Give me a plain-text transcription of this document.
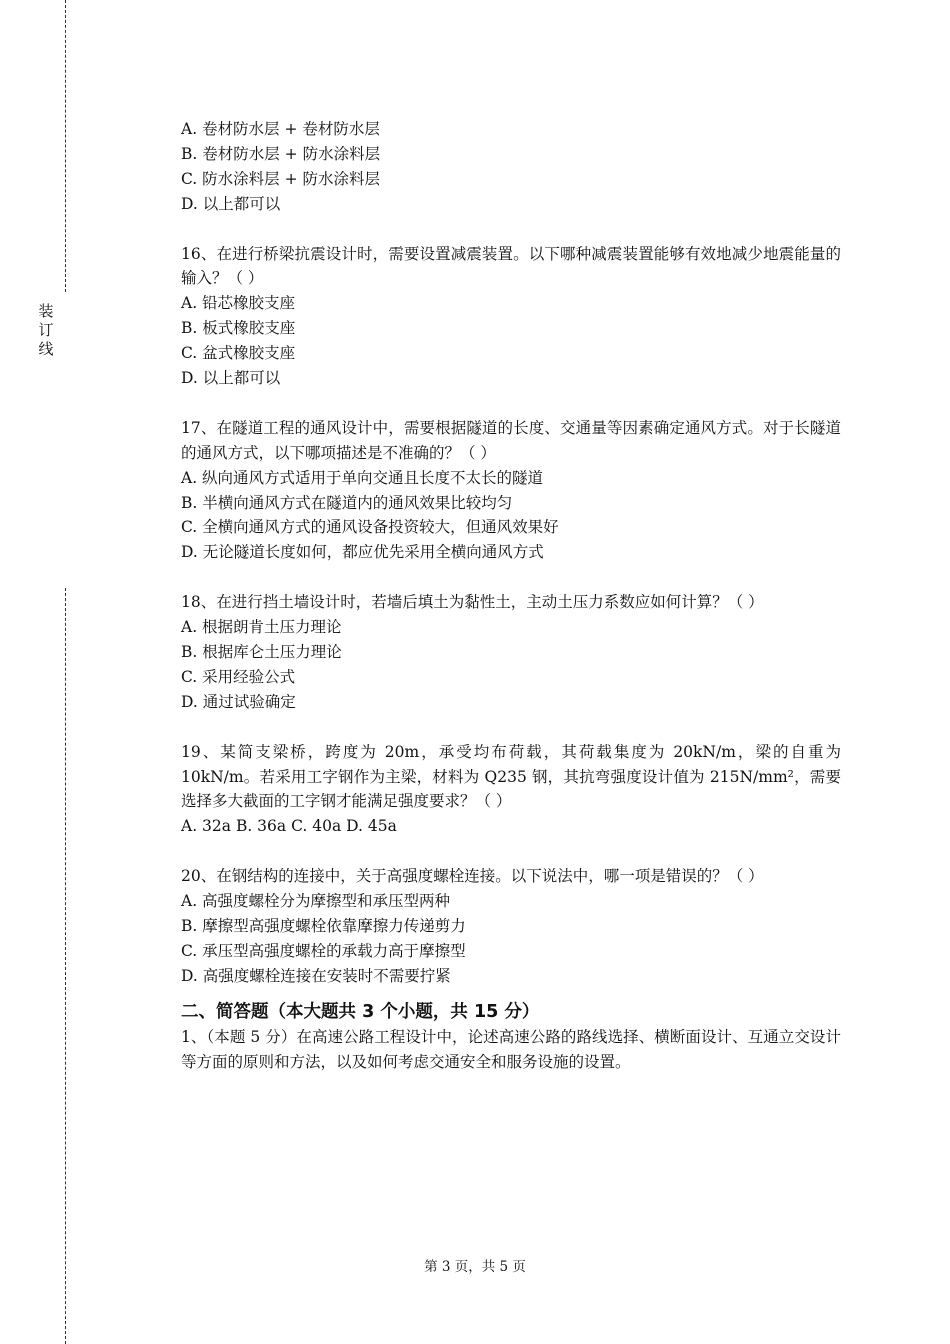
装
订
线

A. 卷材防水层 + 卷材防水层

B. 卷材防水层 + 防水涂料层

C. 防水涂料层 + 防水涂料层

D. 以上都可以

16、在进行桥梁抗震设计时，需要设置减震装置。以下哪种减震装置能够有效地减少地震能量的输入？（ ）

A. 铅芯橡胶支座

B. 板式橡胶支座

C. 盆式橡胶支座

D. 以上都可以

17、在隧道工程的通风设计中，需要根据隧道的长度、交通量等因素确定通风方式。对于长隧道的通风方式，以下哪项描述是不准确的？（ ）

A. 纵向通风方式适用于单向交通且长度不太长的隧道

B. 半横向通风方式在隧道内的通风效果比较均匀

C. 全横向通风方式的通风设备投资较大，但通风效果好

D. 无论隧道长度如何，都应优先采用全横向通风方式

18、在进行挡土墙设计时，若墙后填土为黏性土，主动土压力系数应如何计算？（ ）

A. 根据朗肯土压力理论

B. 根据库仑土压力理论

C. 采用经验公式

D. 通过试验确定

19、某简支梁桥，跨度为 20m，承受均布荷载，其荷载集度为 20kN/m，梁的自重为10kN/m。若采用工字钢作为主梁，材料为 Q235 钢，其抗弯强度设计值为 215N/mm²，需要选择多大截面的工字钢才能满足强度要求？（ ）

A. 32a B. 36a C. 40a D. 45a

20、在钢结构的连接中，关于高强度螺栓连接。以下说法中，哪一项是错误的？（ ）

A. 高强度螺栓分为摩擦型和承压型两种

B. 摩擦型高强度螺栓依靠摩擦力传递剪力

C. 承压型高强度螺栓的承载力高于摩擦型

D. 高强度螺栓连接在安装时不需要拧紧

二、简答题（本大题共 3 个小题，共 15 分）

1、（本题 5 分）在高速公路工程设计中，论述高速公路的路线选择、横断面设计、互通立交设计等方面的原则和方法，以及如何考虑交通安全和服务设施的设置。

第 3 页，共 5 页
